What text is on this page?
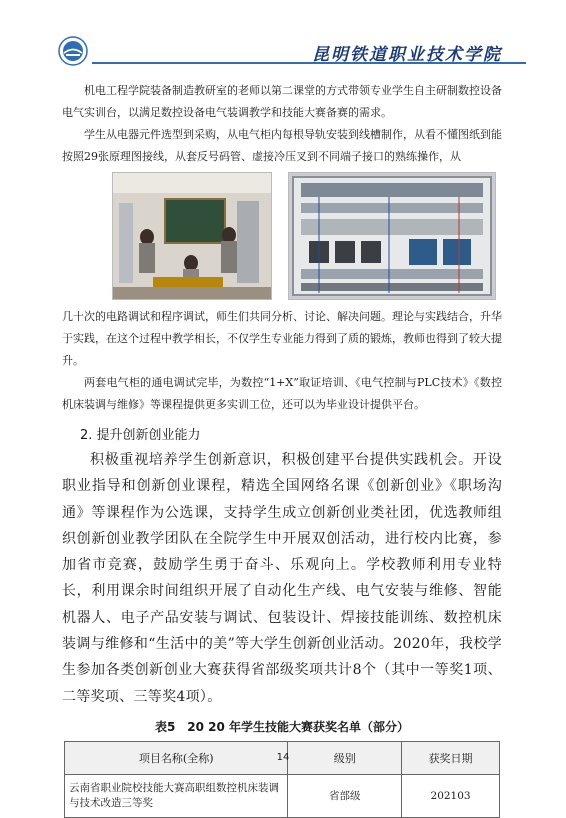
昆明铁道职业技术学院

机电工程学院装备制造教研室的老师以第二课堂的方式带领专业学生自主研制数控设备电气实训台，以满足数控设备电气装调教学和技能大赛备赛的需求。

学生从电器元件选型到采购，从电气柜内每根导轨安装到线槽制作，从看不懂图纸到能按照29张原理图接线，从套反号码管、虚接冷压叉到不同端子接口的熟练操作，从

几十次的电路调试和程序调试，师生们共同分析、讨论、解决问题。理论与实践结合，升华于实践，在这个过程中教学相长，不仅学生专业能力得到了质的锻炼，教师也得到了较大提升。

两套电气柜的通电调试完毕，为数控“1+X”取证培训、《电气控制与PLC技术》《数控机床装调与维修》等课程提供更多实训工位，还可以为毕业设计提供平台。

2. 提升创新创业能力

积极重视培养学生创新意识，积极创建平台提供实践机会。开设职业指导和创新创业课程，精选全国网络名课《创新创业》《职场沟通》等课程作为公选课，支持学生成立创新创业类社团，优选教师组织创新创业教学团队在全院学生中开展双创活动，进行校内比赛，参加省市竞赛，鼓励学生勇于奋斗、乐观向上。学校教师利用专业特长，利用课余时间组织开展了自动化生产线、电气安装与维修、智能机器人、电子产品安装与调试、包装设计、焊接技能训练、数控机床装调与维修和“生活中的美”等大学生创新创业活动。2020年，我校学生参加各类创新创业大赛获得省部级奖项共计8个（其中一等奖1项、二等奖项、三等奖4项）。

表5　20 20 年学生技能大赛获奖名单（部分）
项目名称(全称)	级别	获奖日期
云南省职业院校技能大赛高职组数控机床装调与技术改造三等奖	省部级	202103
14
